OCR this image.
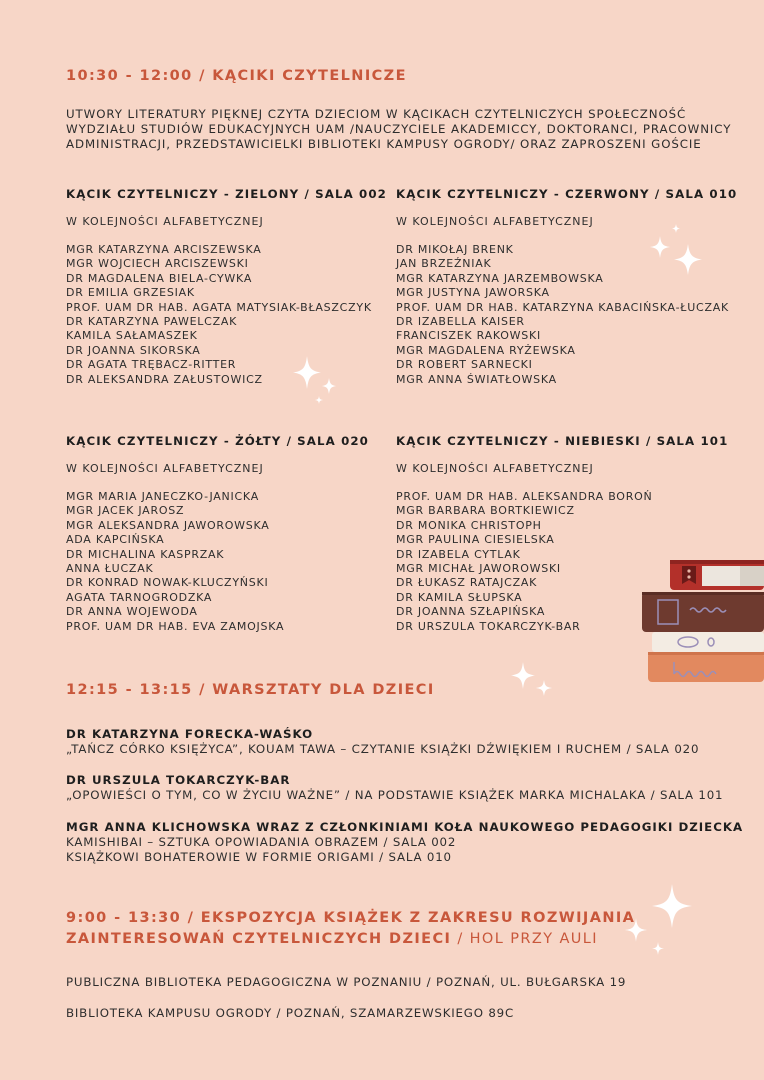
10:30 - 12:00 / KĄCIKI CZYTELNICZE
UTWORY LITERATURY PIĘKNEJ CZYTA DZIECIOM W KĄCIKACH CZYTELNICZYCH SPOŁECZNOŚĆ
WYDZIAŁU STUDIÓW EDUKACYJNYCH UAM /NAUCZYCIELE AKADEMICCY, DOKTORANCI, PRACOWNICY
ADMINISTRACJI, PRZEDSTAWICIELKI BIBLIOTEKI KAMPUSY OGRODY/ ORAZ ZAPROSZENI GOŚCIE
KĄCIK CZYTELNICZY - ZIELONY / SALA 002
W KOLEJNOŚCI ALFABETYCZNEJ
MGR KATARZYNA ARCISZEWSKA
MGR WOJCIECH ARCISZEWSKI
DR MAGDALENA BIELA-CYWKA
DR EMILIA GRZESIAK
PROF. UAM DR HAB. AGATA MATYSIAK-BŁASZCZYK
DR KATARZYNA PAWELCZAK
KAMILA SAŁAMASZEK
DR JOANNA SIKORSKA
DR AGATA TRĘBACZ-RITTER
DR ALEKSANDRA ZAŁUSTOWICZ
KĄCIK CZYTELNICZY - CZERWONY / SALA 010
W KOLEJNOŚCI ALFABETYCZNEJ
DR MIKOŁAJ BRENK
JAN BRZEŹNIAK
MGR KATARZYNA JARZEMBOWSKA
MGR JUSTYNA JAWORSKA
PROF. UAM DR HAB. KATARZYNA KABACIŃSKA-ŁUCZAK
DR IZABELLA KAISER
FRANCISZEK RAKOWSKI
MGR MAGDALENA RYŻEWSKA
DR ROBERT SARNECKI
MGR ANNA ŚWIATŁOWSKA
KĄCIK CZYTELNICZY - ŻÓŁTY / SALA 020
W KOLEJNOŚCI ALFABETYCZNEJ
MGR MARIA JANECZKO-JANICKA
MGR JACEK JAROSZ
MGR ALEKSANDRA JAWOROWSKA
ADA KAPCIŃSKA
DR MICHALINA KASPRZAK
ANNA ŁUCZAK
DR KONRAD NOWAK-KLUCZYŃSKI
AGATA TARNOGRODZKA
DR ANNA WOJEWODA
PROF. UAM DR HAB. EVA ZAMOJSKA
KĄCIK CZYTELNICZY - NIEBIESKI / SALA 101
W KOLEJNOŚCI ALFABETYCZNEJ
PROF. UAM DR HAB. ALEKSANDRA BOROŃ
MGR BARBARA BORTKIEWICZ
DR MONIKA CHRISTOPH
MGR PAULINA CIESIELSKA
DR IZABELA CYTLAK
MGR MICHAŁ JAWOROWSKI
DR ŁUKASZ RATAJCZAK
DR KAMILA SŁUPSKA
DR JOANNA SZŁAPIŃSKA
DR URSZULA TOKARCZYK-BAR
12:15 - 13:15 / WARSZTATY DLA DZIECI
DR KATARZYNA FORECKA-WAŚKO
„TAŃCZ CÓRKO KSIĘŻYCA”, KOUAM TAWA – CZYTANIE KSIĄŻKI DŹWIĘKIEM I RUCHEM / SALA 020
DR URSZULA TOKARCZYK-BAR
„OPOWIEŚCI O TYM, CO W ŻYCIU WAŻNE” / NA PODSTAWIE KSIĄŻEK MARKA MICHALAKA / SALA 101
MGR ANNA KLICHOWSKA WRAZ Z CZŁONKINIAMI KOŁA NAUKOWEGO PEDAGOGIKI DZIECKA
KAMISHIBAI – SZTUKA OPOWIADANIA OBRAZEM / SALA 002
KSIĄŻKOWI BOHATEROWIE W FORMIE ORIGAMI / SALA 010
9:00 - 13:30 / EKSPOZYCJA KSIĄŻEK Z ZAKRESU ROZWIJANIA
ZAINTERESOWAŃ CZYTELNICZYCH DZIECI / HOL PRZY AULI
PUBLICZNA BIBLIOTEKA PEDAGOGICZNA W POZNANIU / POZNAŃ, UL. BUŁGARSKA 19
BIBLIOTEKA KAMPUSU OGRODY / POZNAŃ, SZAMARZEWSKIEGO 89C
